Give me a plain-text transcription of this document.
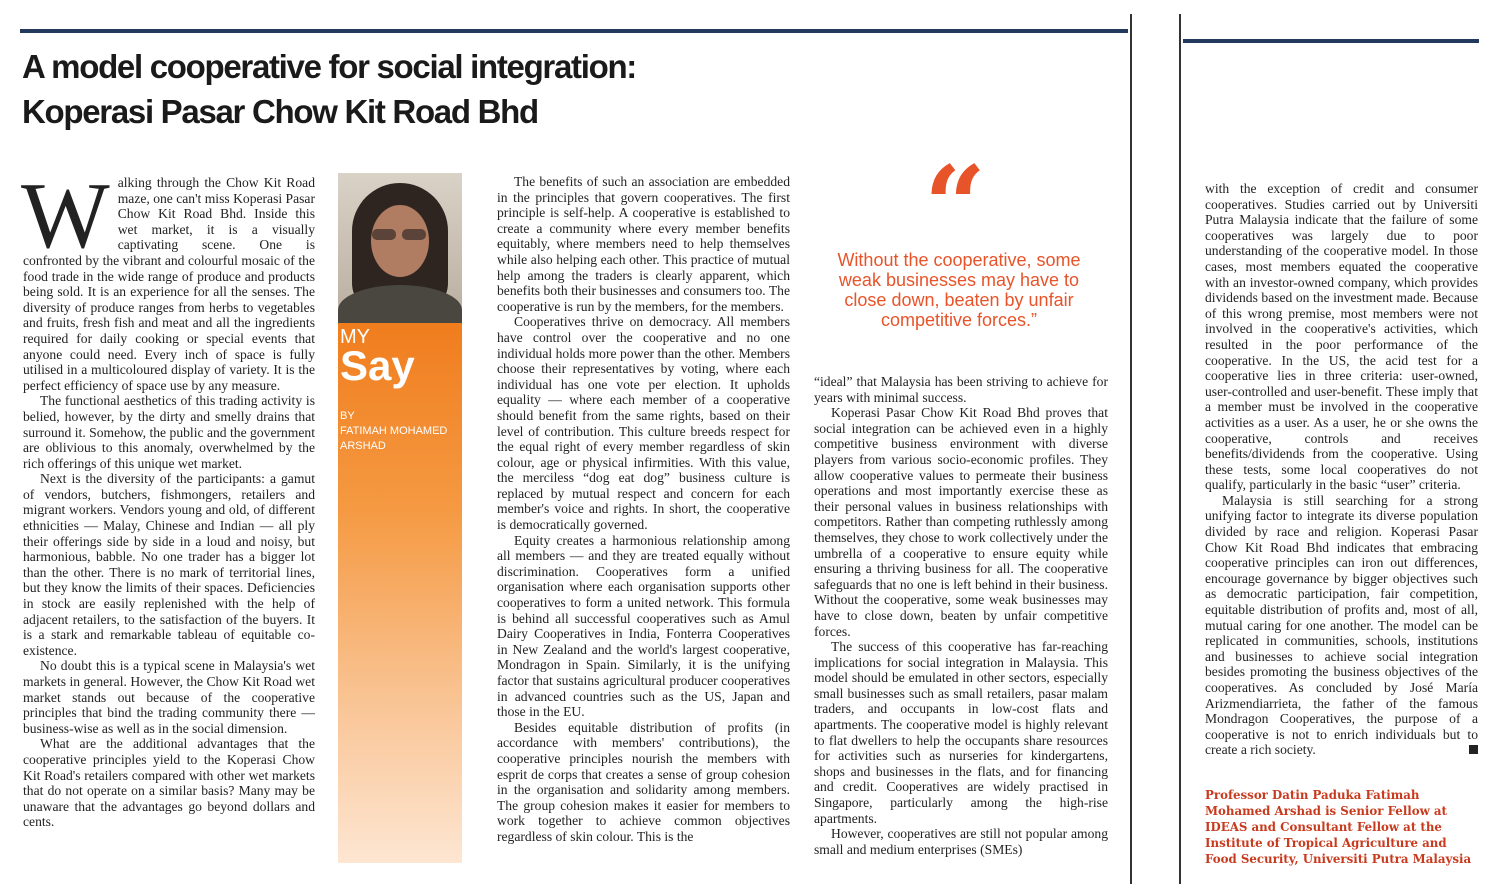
A model cooperative for social integration:
Koperasi Pasar Chow Kit Road Bhd

Walking through the Chow Kit Road maze, one can't miss Koperasi Pasar Chow Kit Road Bhd. Inside this wet market, it is a visually captivating scene. One is confronted by the vibrant and colourful mosaic of the food trade in the wide range of produce and products being sold. It is an experience for all the senses. The diversity of produce ranges from herbs to vegetables and fruits, fresh fish and meat and all the ingredients required for daily cooking or special events that anyone could need. Every inch of space is fully utilised in a multicoloured display of variety. It is the perfect efficiency of space use by any measure.

The functional aesthetics of this trading activity is belied, however, by the dirty and smelly drains that surround it. Somehow, the public and the government are oblivious to this anomaly, overwhelmed by the rich offerings of this unique wet market.

Next is the diversity of the participants: a gamut of vendors, butchers, fishmongers, retailers and migrant workers. Vendors young and old, of different ethnicities — Malay, Chinese and Indian — all ply their offerings side by side in a loud and noisy, but harmonious, babble. No one trader has a bigger lot than the other. There is no mark of territorial lines, but they know the limits of their spaces. Deficiencies in stock are easily replenished with the help of adjacent retailers, to the satisfaction of the buyers. It is a stark and remarkable tableau of equitable co-existence.

No doubt this is a typical scene in Malaysia's wet markets in general. However, the Chow Kit Road wet market stands out because of the cooperative principles that bind the trading community there — business-wise as well as in the social dimension.

What are the additional advantages that the cooperative principles yield to the Koperasi Chow Kit Road's retailers compared with other wet markets that do not operate on a similar basis? Many may be unaware that the advantages go beyond dollars and cents.

MY
Say
BY
FATIMAH MOHAMED ARSHAD

The benefits of such an association are embedded in the principles that govern cooperatives. The first principle is self-help. A cooperative is established to create a community where every member benefits equitably, where members need to help themselves while also helping each other. This practice of mutual help among the traders is clearly apparent, which benefits both their businesses and consumers too. The cooperative is run by the members, for the members.

Cooperatives thrive on democracy. All members have control over the cooperative and no one individual holds more power than the other. Members choose their representatives by voting, where each individual has one vote per election. It upholds equality — where each member of a cooperative should benefit from the same rights, based on their level of contribution. This culture breeds respect for the equal right of every member regardless of skin colour, age or physical infirmities. With this value, the merciless “dog eat dog” business culture is replaced by mutual respect and concern for each member's voice and rights. In short, the cooperative is democratically governed.

Equity creates a harmonious relationship among all members — and they are treated equally without discrimination. Cooperatives form a unified organisation where each organisation supports other cooperatives to form a united network. This formula is behind all successful cooperatives such as Amul Dairy Cooperatives in India, Fonterra Cooperatives in New Zealand and the world's largest cooperative, Mondragon in Spain. Similarly, it is the unifying factor that sustains agricultural producer cooperatives in advanced countries such as the US, Japan and those in the EU.

Besides equitable distribution of profits (in accordance with members' contributions), the cooperative principles nourish the members with esprit de corps that creates a sense of group cohesion in the organisation and solidarity among members. The group cohesion makes it easier for members to work together to achieve common objectives regardless of skin colour. This is the

“
Without the cooperative, some weak businesses may have to close down, beaten by unfair competitive forces.”

“ideal” that Malaysia has been striving to achieve for years with minimal success.

Koperasi Pasar Chow Kit Road Bhd proves that social integration can be achieved even in a highly competitive business environment with diverse players from various socio-economic profiles. They allow cooperative values to permeate their business operations and most importantly exercise these as their personal values in business relationships with competitors. Rather than competing ruthlessly among themselves, they chose to work collectively under the umbrella of a cooperative to ensure equity while ensuring a thriving business for all. The cooperative safeguards that no one is left behind in their business. Without the cooperative, some weak businesses may have to close down, beaten by unfair competitive forces.

The success of this cooperative has far-reaching implications for social integration in Malaysia. This model should be emulated in other sectors, especially small businesses such as small retailers, pasar malam traders, and occupants in low-cost flats and apartments. The cooperative model is highly relevant to flat dwellers to help the occupants share resources for activities such as nurseries for kindergartens, shops and businesses in the flats, and for financing and credit. Cooperatives are widely practised in Singapore, particularly among the high-rise apartments.

However, cooperatives are still not popular among small and medium enterprises (SMEs)

with the exception of credit and consumer cooperatives. Studies carried out by Universiti Putra Malaysia indicate that the failure of some cooperatives was largely due to poor understanding of the cooperative model. In those cases, most members equated the cooperative with an investor-owned company, which provides dividends based on the investment made. Because of this wrong premise, most members were not involved in the cooperative's activities, which resulted in the poor performance of the cooperative. In the US, the acid test for a cooperative lies in three criteria: user-owned, user-controlled and user-benefit. These imply that a member must be involved in the cooperative activities as a user. As a user, he or she owns the cooperative, controls and receives benefits/dividends from the cooperative. Using these tests, some local cooperatives do not qualify, particularly in the basic “user” criteria.

Malaysia is still searching for a strong unifying factor to integrate its diverse population divided by race and religion. Koperasi Pasar Chow Kit Road Bhd indicates that embracing cooperative principles can iron out differences, encourage governance by bigger objectives such as democratic participation, fair competition, equitable distribution of profits and, most of all, mutual caring for one another. The model can be replicated in communities, schools, institutions and businesses to achieve social integration besides promoting the business objectives of the cooperatives. As concluded by José María Arizmendiarrieta, the father of the famous Mondragon Cooperatives, the purpose of a cooperative is not to enrich individuals but to create a rich society.

Professor Datin Paduka Fatimah Mohamed Arshad is Senior Fellow at IDEAS and Consultant Fellow at the Institute of Tropical Agriculture and Food Security, Universiti Putra Malaysia
